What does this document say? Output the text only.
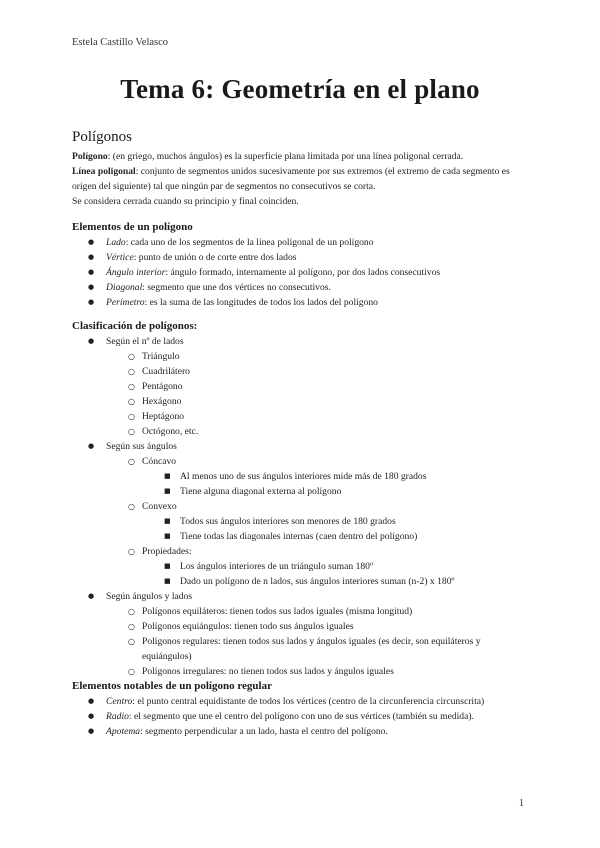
Estela Castillo Velasco
Tema 6: Geometría en el plano
Polígonos

Polígono: (en griego, muchos ángulos) es la superficie plana limitada por una línea poligonal cerrada.

Línea poligonal: conjunto de segmentos unidos sucesivamente por sus extremos (el extremo de cada segmento es origen del siguiente) tal que ningún par de segmentos no consecutivos se corta.

Se considera cerrada cuando su principio y final coinciden.

Elementos de un polígono
● Lado: cada uno de los segmentos de la línea poligonal de un polígono
● Vértice: punto de unión o de corte entre dos lados
● Ángulo interior: ángulo formado, internamente al polígono, por dos lados consecutivos
● Diagonal: segmento que une dos vértices no consecutivos.
● Perímetro: es la suma de las longitudes de todos los lados del polígono
Clasificación de polígonos:
● Según el nº de lados
○ Triángulo
○ Cuadrilátero
○ Pentágono
○ Hexágono
○ Heptágono
○ Octógono, etc.
● Según sus ángulos
○ Cóncavo
■ Al menos uno de sus ángulos interiores mide más de 180 grados
■ Tiene alguna diagonal externa al polígono
○ Convexo
■ Todos sus ángulos interiores son menores de 180 grados
■ Tiene todas las diagonales internas (caen dentro del polígono)
○ Propiedades:
■ Los ángulos interiores de un triángulo suman 180º
■ Dado un polígono de n lados, sus ángulos interiores suman (n-2) x 180º
● Según ángulos y lados
○ Polígonos equiláteros: tienen todos sus lados iguales (misma longitud)
○ Polígonos equiángulos: tienen todo sus ángulos iguales
○ Polígonos regulares: tienen todos sus lados y ángulos iguales (es decir, son equiláteros y equiángulos)
○ Polígonos irregulares: no tienen todos sus lados y ángulos iguales
Elementos notables de un polígono regular
● Centro: el punto central equidistante de todos los vértices (centro de la circunferencia circunscrita)
● Radio: el segmento que une el centro del polígono con uno de sus vértices (también su medida).
● Apotema: segmento perpendicular a un lado, hasta el centro del polígono.
1
